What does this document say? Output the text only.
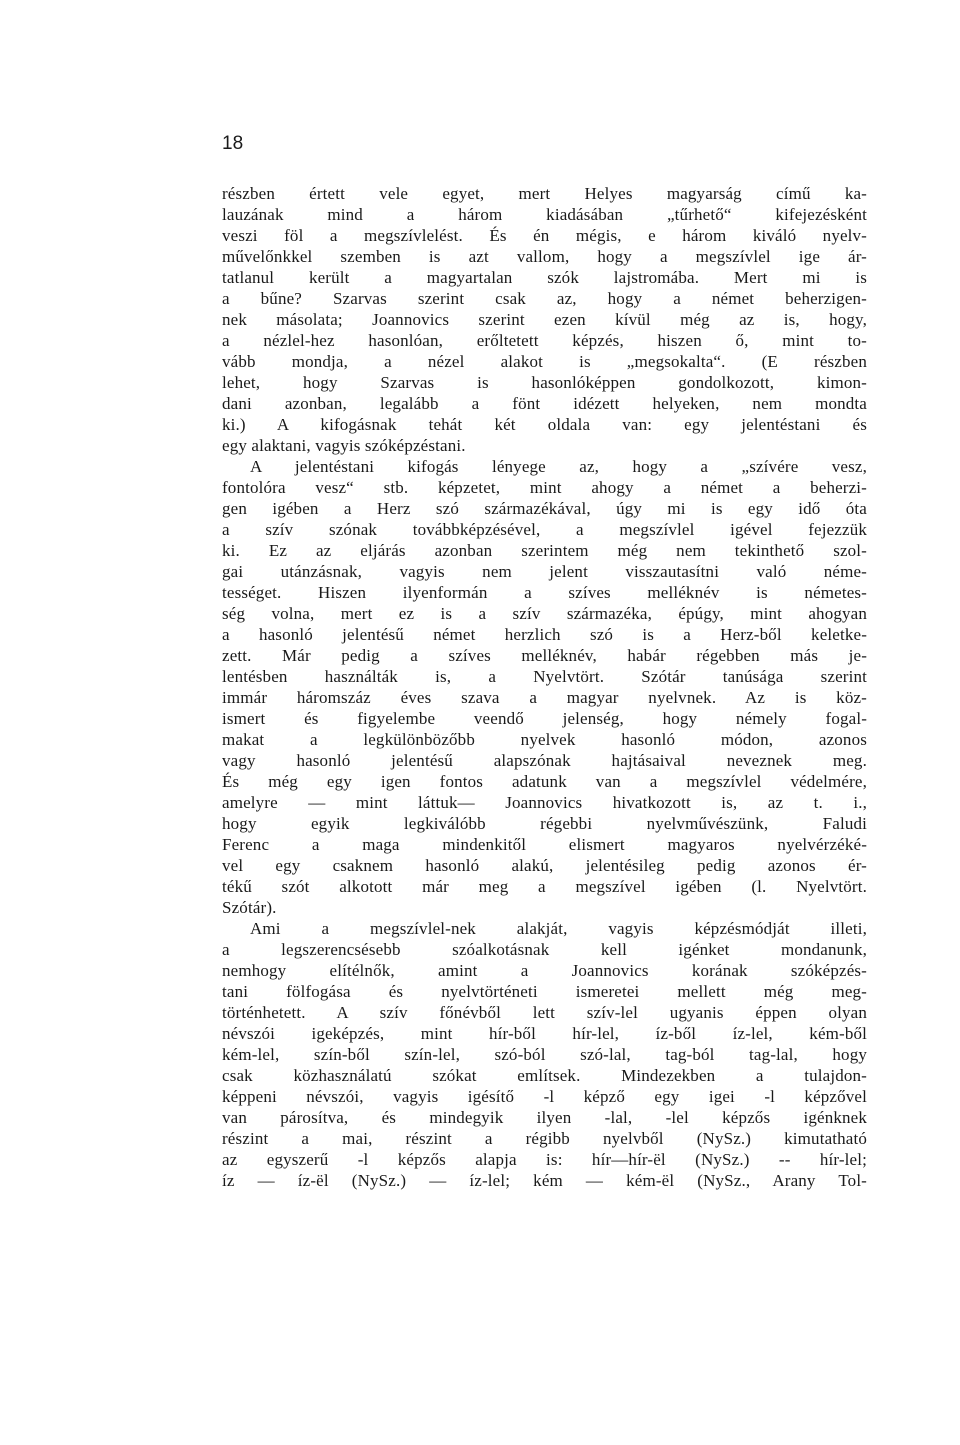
18
részben értett vele egyet, mert Helyes magyarság című ka-
lauzának mind a három kiadásában „tűrhető“ kifejezésként
veszi föl a megszívlelést. És én mégis, e három kiváló nyelv-
művelőnkkel szemben is azt vallom, hogy a megszívlel ige ár-
tatlanul került a magyartalan szók lajstromába. Mert mi is
a bűne? Szarvas szerint csak az, hogy a német beherzigen-
nek másolata; Joannovics szerint ezen kívül még az is, hogy,
a nézlel-hez hasonlóan, erőltetett képzés, hiszen ő, mint to-
vább mondja, a nézel alakot is „megsokalta“. (E részben
lehet, hogy Szarvas is hasonlóképpen gondolkozott, kimon-
dani azonban, legalább a fönt idézett helyeken, nem mondta
ki.) A kifogásnak tehát két oldala van: egy jelentéstani és
egy alaktani, vagyis szóképzéstani.
A jelentéstani kifogás lényege az, hogy a „szívére vesz,
fontolóra vesz“ stb. képzetet, mint ahogy a német a beherzi-
gen igében a Herz szó származékával, úgy mi is egy idő óta
a szív szónak továbbképzésével, a megszívlel igével fejezzük
ki. Ez az eljárás azonban szerintem még nem tekinthető szol-
gai utánzásnak, vagyis nem jelent visszautasítni való néme-
tességet. Hiszen ilyenformán a szíves melléknév is németes-
ség volna, mert ez is a szív származéka, épúgy, mint ahogyan
a hasonló jelentésű német herzlich szó is a Herz-ből keletke-
zett. Már pedig a szíves melléknév, habár régebben más je-
lentésben használták is, a Nyelvtört. Szótár tanúsága szerint
immár háromszáz éves szava a magyar nyelvnek. Az is köz-
ismert és figyelembe veendő jelenség, hogy némely fogal-
makat a legkülönbözőbb nyelvek hasonló módon, azonos
vagy hasonló jelentésű alapszónak hajtásaival neveznek meg.
És még egy igen fontos adatunk van a megszívlel védelmére,
amelyre — mint láttuk— Joannovics hivatkozott is, az t. i.,
hogy egyik legkiválóbb régebbi nyelvművészünk, Faludi
Ferenc a maga mindenkitől elismert magyaros nyelvérzéké-
vel egy csaknem hasonló alakú, jelentésileg pedig azonos ér-
tékű szót alkotott már meg a megszível igében (l. Nyelvtört.
Szótár).
Ami a megszívlel-nek alakját, vagyis képzésmódját illeti,
a legszerencsésebb szóalkotásnak kell igénket mondanunk,
nemhogy elítélnők, amint a Joannovics korának szóképzés-
tani fölfogása és nyelvtörténeti ismeretei mellett még meg-
történhetett. A szív főnévből lett szív-lel ugyanis éppen olyan
névszói igeképzés, mint hír-ből hír-lel, íz-ből íz-lel, kém-ből
kém-lel, szín-ből szín-lel, szó-ból szó-lal, tag-ból tag-lal, hogy
csak közhasználatú szókat említsek. Mindezekben a tulajdon-
képpeni névszói, vagyis igésítő -l képző egy igei -l képzővel
van párosítva, és mindegyik ilyen -lal, -lel képzős igénknek
részint a mai, részint a régibb nyelvből (NySz.) kimutatható
az egyszerű -l képzős alapja is: hír—hír-ël (NySz.) -- hír-lel;
íz — íz-ël (NySz.) — íz-lel; kém — kém-ël (NySz., Arany Tol-
